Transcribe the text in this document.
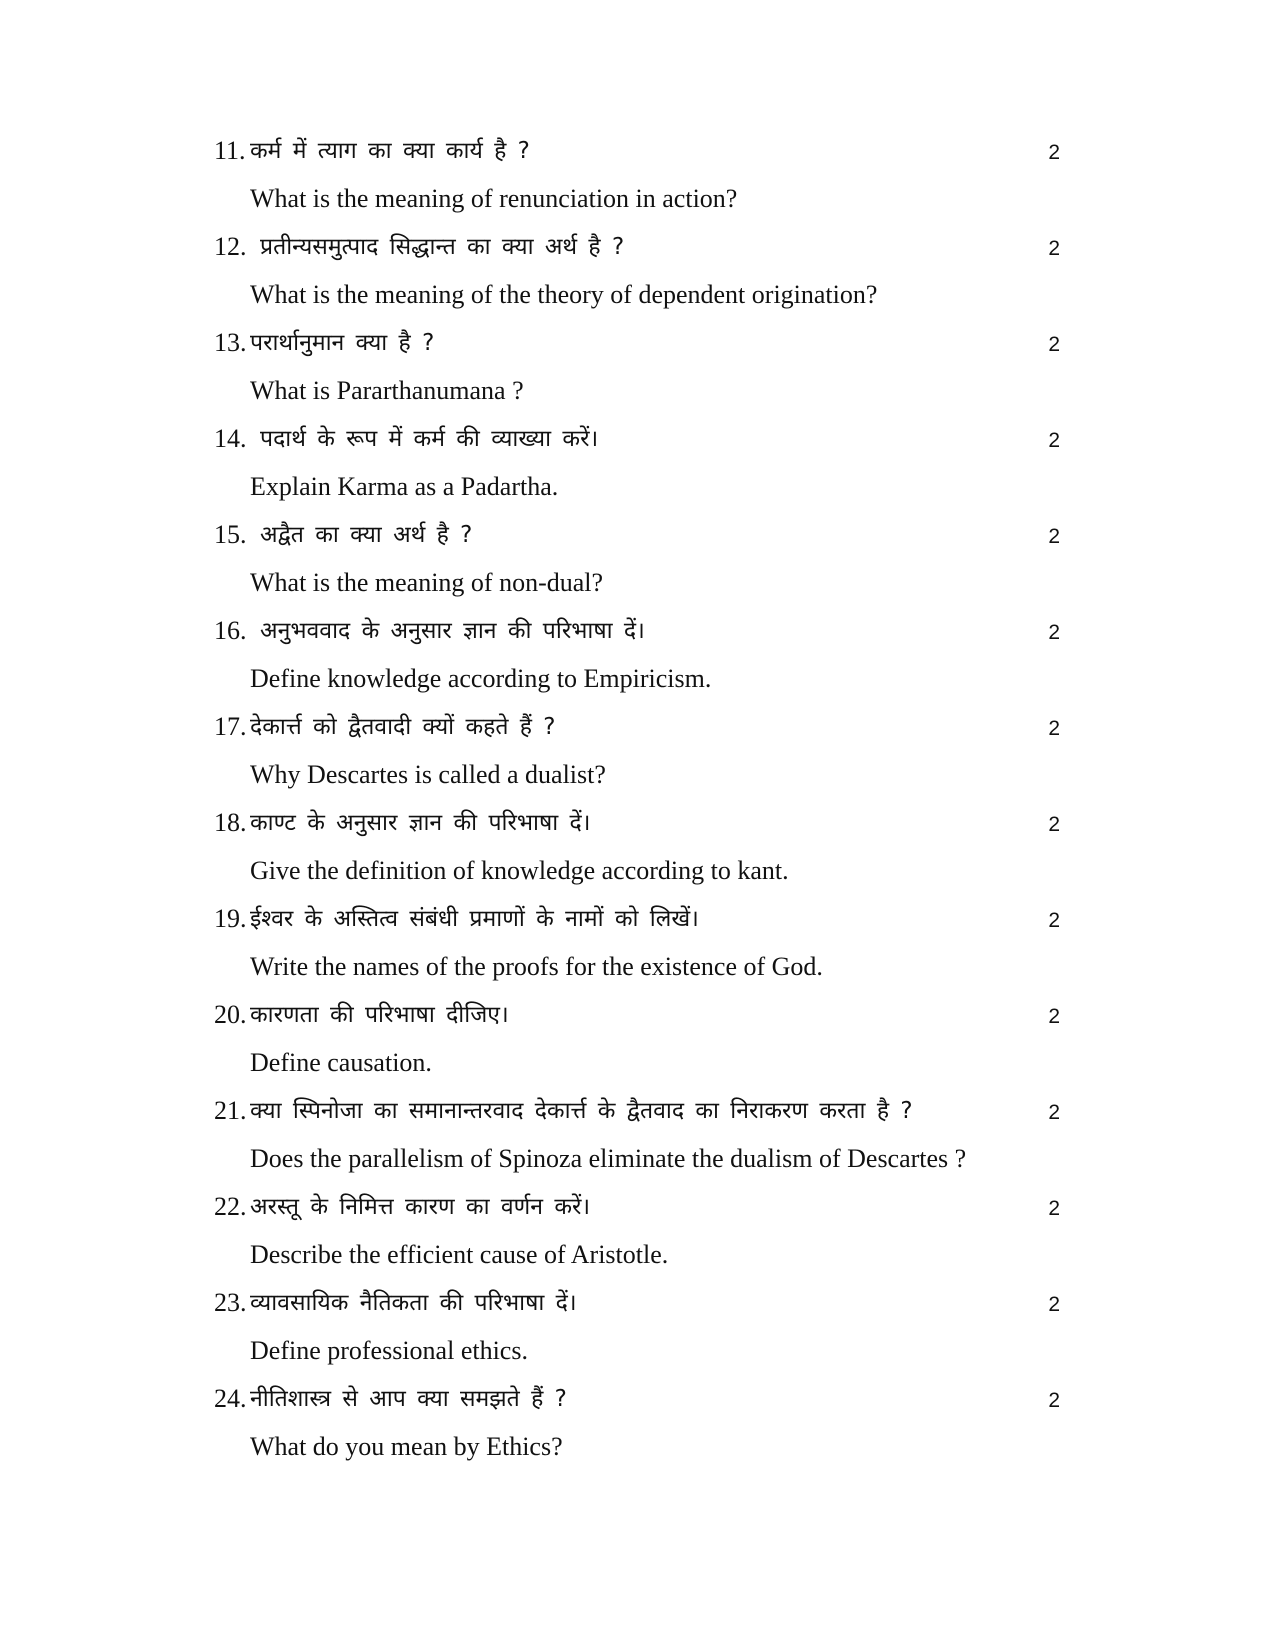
11. कर्म में त्याग का क्या कार्य है ?	2
What is the meaning of renunciation in action?
12. प्रतीन्यसमुत्पाद सिद्धान्त का क्या अर्थ है ?	2
What is the meaning of the theory of dependent origination?
13. परार्थानुमान क्या है ?	2
What is Pararthanumana ?
14. पदार्थ के रूप में कर्म की व्याख्या करें।	2
Explain Karma as a Padartha.
15. अद्वैत का क्या अर्थ है ?	2
What is the meaning of non-dual?
16. अनुभववाद के अनुसार ज्ञान की परिभाषा दें।	2
Define knowledge according to Empiricism.
17. देकार्त्त को द्वैतवादी क्यों कहते हैं ?	2
Why Descartes is called a dualist?
18. काण्ट के अनुसार ज्ञान की परिभाषा दें।	2
Give the definition of knowledge according to kant.
19. ईश्वर के अस्तित्व संबंधी प्रमाणों के नामों को लिखें।	2
Write the names of the proofs for the existence of God.
20. कारणता की परिभाषा दीजिए।	2
Define causation.
21. क्या स्पिनोजा का समानान्तरवाद देकार्त्त के द्वैतवाद का निराकरण करता है ?	2
Does the parallelism of Spinoza eliminate the dualism of Descartes ?
22. अरस्तू के निमित्त कारण का वर्णन करें।	2
Describe the efficient cause of Aristotle.
23. व्यावसायिक नैतिकता की परिभाषा दें।	2
Define professional ethics.
24. नीतिशास्त्र से आप क्या समझते हैं ?	2
What do you mean by Ethics?
